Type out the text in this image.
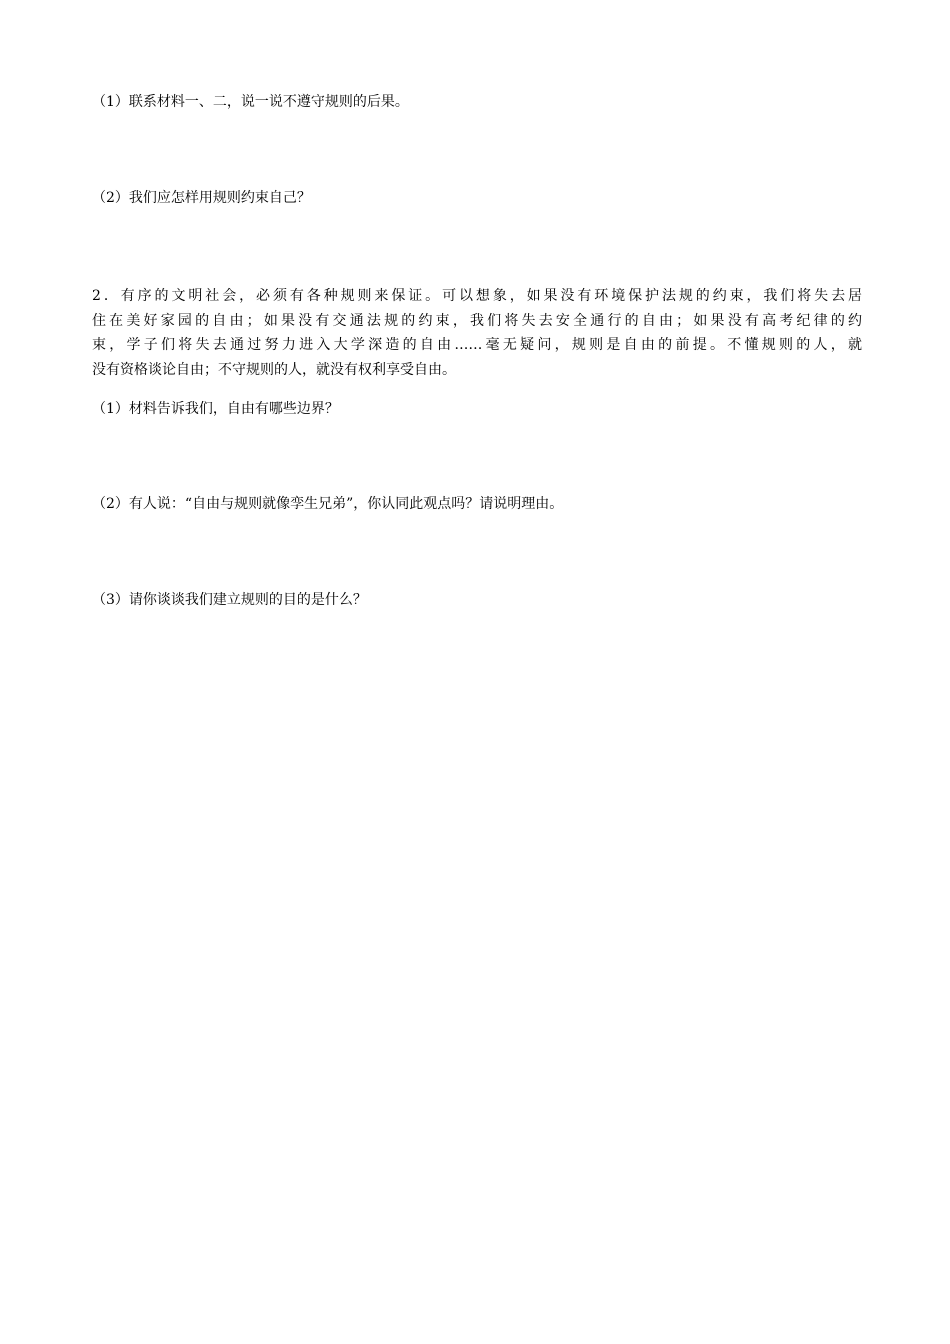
（1）联系材料一、二，说一说不遵守规则的后果。
（2）我们应怎样用规则约束自己？

2．有序的文明社会，必须有各种规则来保证。可以想象，如果没有环境保护法规的约束，我们将失去居

住在美好家园的自由；如果没有交通法规的约束，我们将失去安全通行的自由；如果没有高考纪律的约

束，学子们将失去通过努力进入大学深造的自由……毫无疑问，规则是自由的前提。不懂规则的人，就

没有资格谈论自由；不守规则的人，就没有权利享受自由。

（1）材料告诉我们，自由有哪些边界？
（2）有人说：“自由与规则就像孪生兄弟”，你认同此观点吗？请说明理由。
（3）请你谈谈我们建立规则的目的是什么？
